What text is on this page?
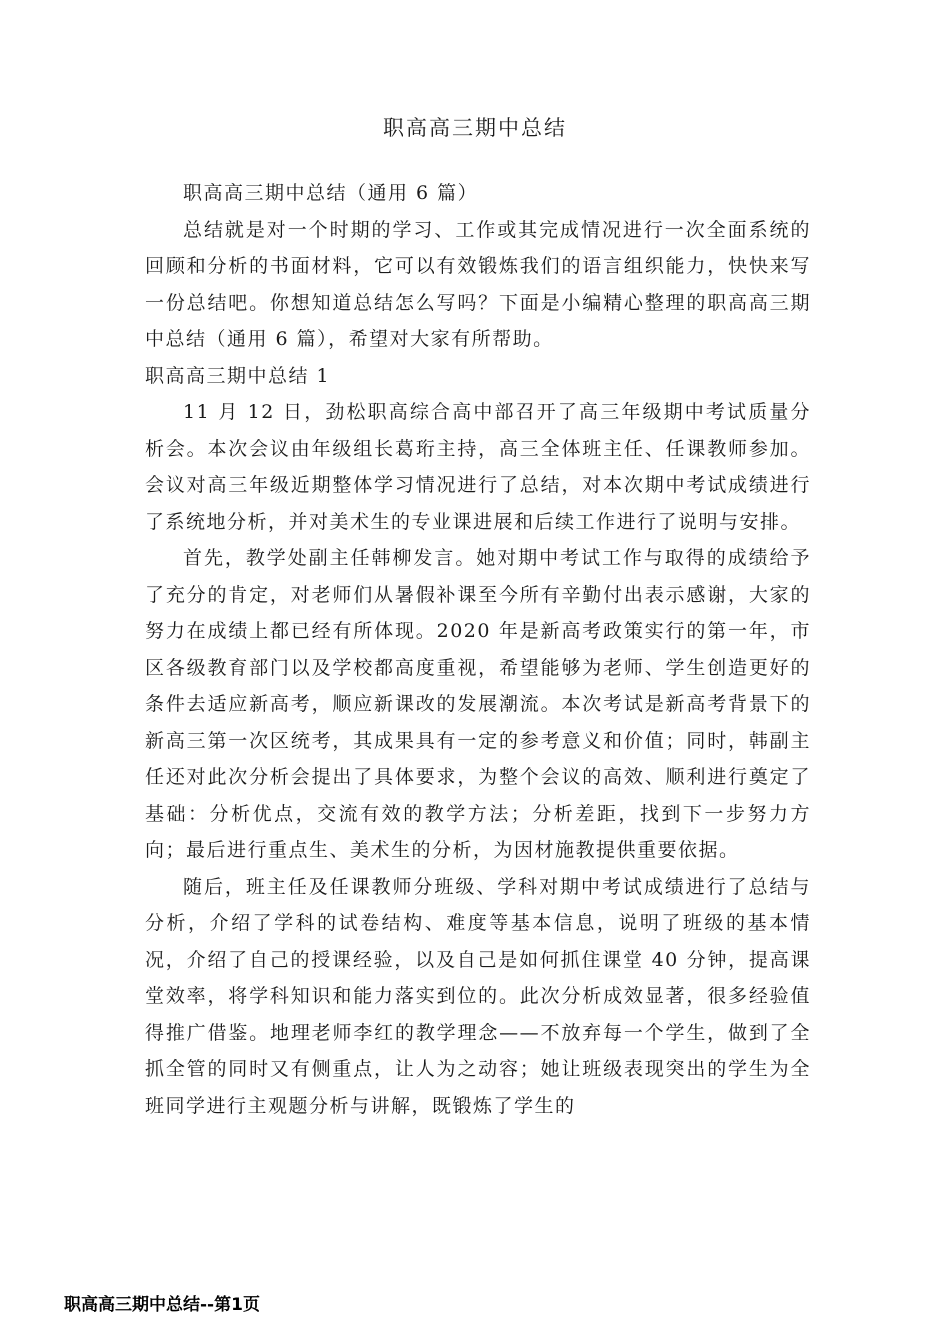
职高高三期中总结

职高高三期中总结（通用 6 篇）

总结就是对一个时期的学习、工作或其完成情况进行一次全面系统的回顾和分析的书面材料，它可以有效锻炼我们的语言组织能力，快快来写一份总结吧。你想知道总结怎么写吗？下面是小编精心整理的职高高三期中总结（通用 6 篇），希望对大家有所帮助。

职高高三期中总结 1

11 月 12 日，劲松职高综合高中部召开了高三年级期中考试质量分析会。本次会议由年级组长葛珩主持，高三全体班主任、任课教师参加。会议对高三年级近期整体学习情况进行了总结，对本次期中考试成绩进行了系统地分析，并对美术生的专业课进展和后续工作进行了说明与安排。

首先，教学处副主任韩柳发言。她对期中考试工作与取得的成绩给予了充分的肯定，对老师们从暑假补课至今所有辛勤付出表示感谢，大家的努力在成绩上都已经有所体现。2020 年是新高考政策实行的第一年，市区各级教育部门以及学校都高度重视，希望能够为老师、学生创造更好的条件去适应新高考，顺应新课改的发展潮流。本次考试是新高考背景下的新高三第一次区统考，其成果具有一定的参考意义和价值；同时，韩副主任还对此次分析会提出了具体要求，为整个会议的高效、顺利进行奠定了基础：分析优点，交流有效的教学方法；分析差距，找到下一步努力方向；最后进行重点生、美术生的分析，为因材施教提供重要依据。

随后，班主任及任课教师分班级、学科对期中考试成绩进行了总结与分析，介绍了学科的试卷结构、难度等基本信息，说明了班级的基本情况，介绍了自己的授课经验，以及自己是如何抓住课堂 40 分钟，提高课堂效率，将学科知识和能力落实到位的。此次分析成效显著，很多经验值得推广借鉴。地理老师李红的教学理念——不放弃每一个学生，做到了全抓全管的同时又有侧重点，让人为之动容；她让班级表现突出的学生为全班同学进行主观题分析与讲解，既锻炼了学生的

职高高三期中总结--第1页
